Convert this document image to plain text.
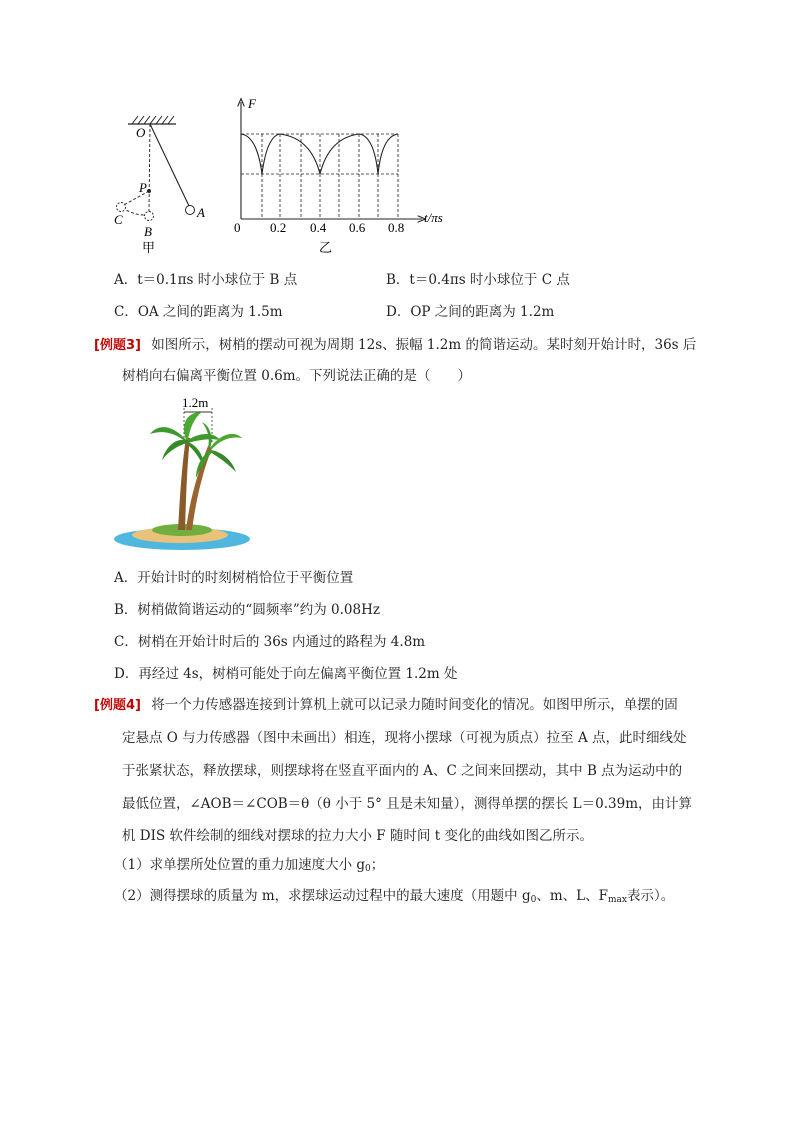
O
P
C
B
A
甲
F
t/πs
0 0.2 0.4 0.6 0.8
乙
A．t＝0.1πs 时小球位于 B 点	B．t＝0.4πs 时小球位于 C 点
C．OA 之间的距离为 1.5m	D．OP 之间的距离为 1.2m
[例题3] 如图所示，树梢的摆动可视为周期 12s、振幅 1.2m 的简谐运动。某时刻开始计时，36s 后
树梢向右偏离平衡位置 0.6m。下列说法正确的是（　　）
1.2m
A．开始计时的时刻树梢恰位于平衡位置
B．树梢做简谐运动的“圆频率”约为 0.08Hz
C．树梢在开始计时后的 36s 内通过的路程为 4.8m
D．再经过 4s，树梢可能处于向左偏离平衡位置 1.2m 处
[例题4] 将一个力传感器连接到计算机上就可以记录力随时间变化的情况。如图甲所示，单摆的固
定悬点 O 与力传感器（图中未画出）相连，现将小摆球（可视为质点）拉至 A 点，此时细线处
于张紧状态，释放摆球，则摆球将在竖直平面内的 A、C 之间来回摆动，其中 B 点为运动中的
最低位置，∠AOB＝∠COB＝θ（θ 小于 5° 且是未知量），测得单摆的摆长 L＝0.39m，由计算
机 DIS 软件绘制的细线对摆球的拉力大小 F 随时间 t 变化的曲线如图乙所示。
（1）求单摆所处位置的重力加速度大小 $g_0$；
（2）测得摆球的质量为 m，求摆球运动过程中的最大速度（用题中 $g_0$、m、L、$F_{max}$表示）。
